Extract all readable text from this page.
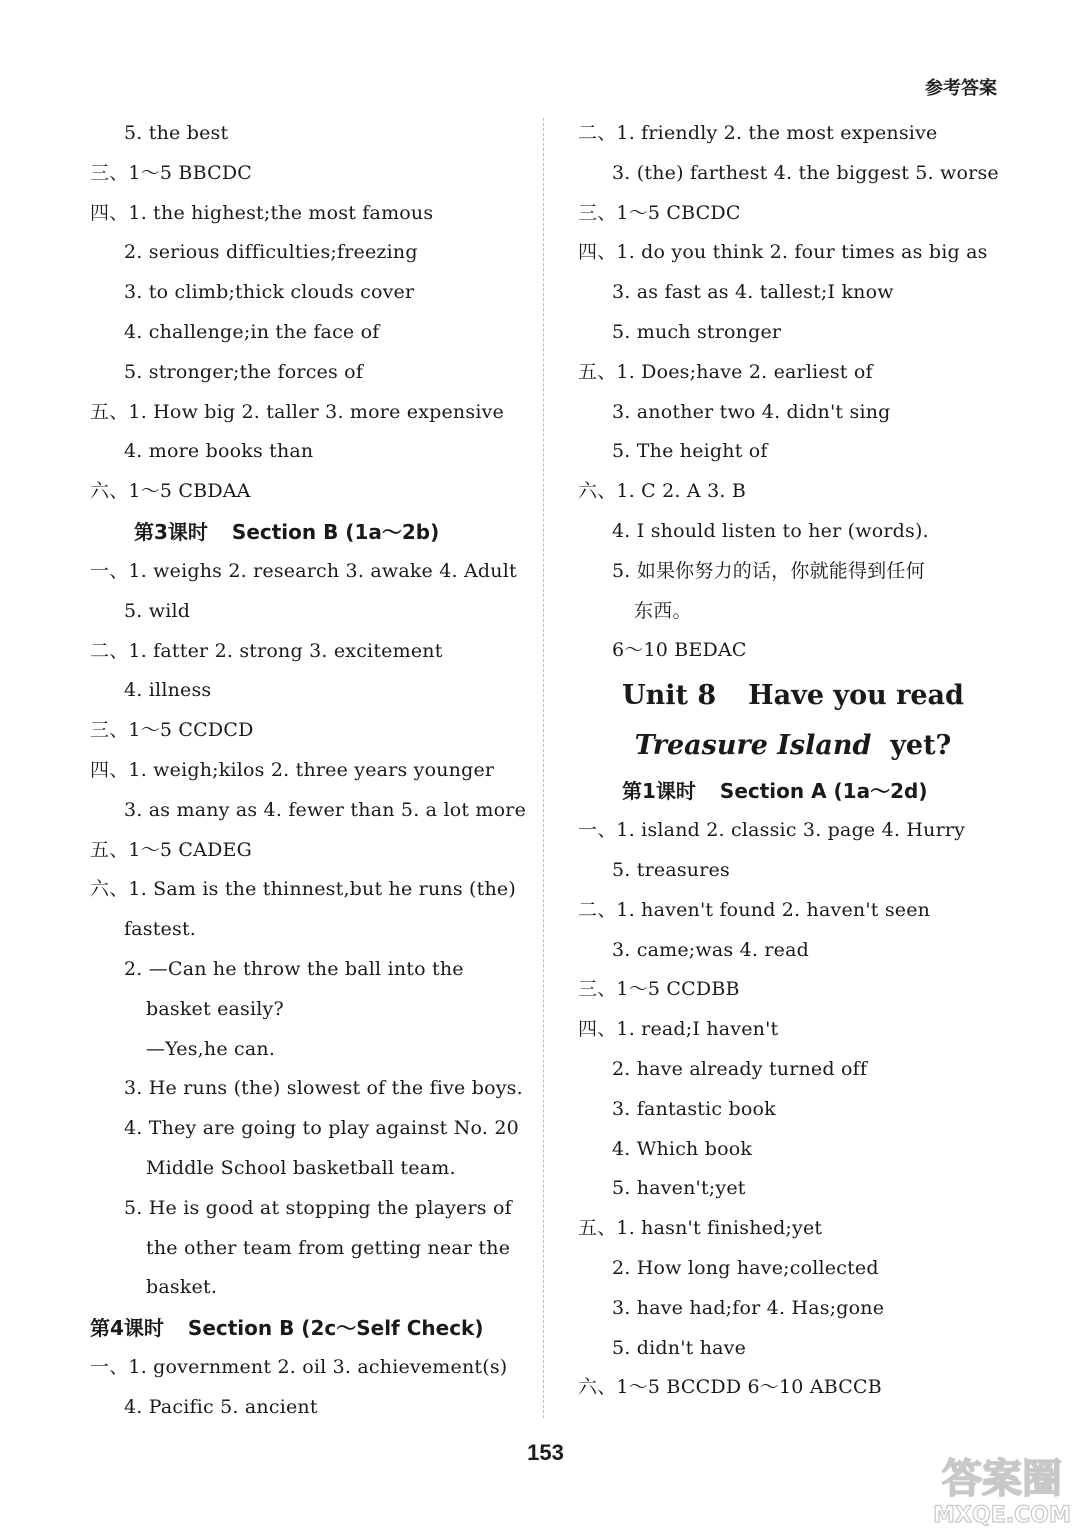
参考答案
5. the best
三、1～5 BBCDC
四、1. the highest;the most famous
2. serious difficulties;freezing
3. to climb;thick clouds cover
4. challenge;in the face of
5. stronger;the forces of
五、1. How big 2. taller 3. more expensive
4. more books than
六、1～5 CBDAA
第3课时 Section B (1a～2b)
一、1. weighs 2. research 3. awake 4. Adult
5. wild
二、1. fatter 2. strong 3. excitement
4. illness
三、1～5 CCDCD
四、1. weigh;kilos 2. three years younger
3. as many as 4. fewer than 5. a lot more
五、1～5 CADEG
六、1. Sam is the thinnest,but he runs (the)
fastest.
2. —Can he throw the ball into the
basket easily?
—Yes,he can.
3. He runs (the) slowest of the five boys.
4. They are going to play against No. 20
Middle School basketball team.
5. He is good at stopping the players of
the other team from getting near the
basket.
第4课时 Section B (2c～Self Check)
一、1. government 2. oil 3. achievement(s)
4. Pacific 5. ancient
二、1. friendly 2. the most expensive
3. (the) farthest 4. the biggest 5. worse
三、1～5 CBCDC
四、1. do you think 2. four times as big as
3. as fast as 4. tallest;I know
5. much stronger
五、1. Does;have 2. earliest of
3. another two 4. didn't sing
5. The height of
六、1. C 2. A 3. B
4. I should listen to her (words).
5. 如果你努力的话，你就能得到任何
东西。
6～10 BEDAC
Unit 8 Have you read
Treasure Island yet?
第1课时 Section A (1a～2d)
一、1. island 2. classic 3. page 4. Hurry
5. treasures
二、1. haven't found 2. haven't seen
3. came;was 4. read
三、1～5 CCDBB
四、1. read;I haven't
2. have already turned off
3. fantastic book
4. Which book
5. haven't;yet
五、1. hasn't finished;yet
2. How long have;collected
3. have had;for 4. Has;gone
5. didn't have
六、1～5 BCCDD 6～10 ABCCB
153
答案圈
MXQE.COM
